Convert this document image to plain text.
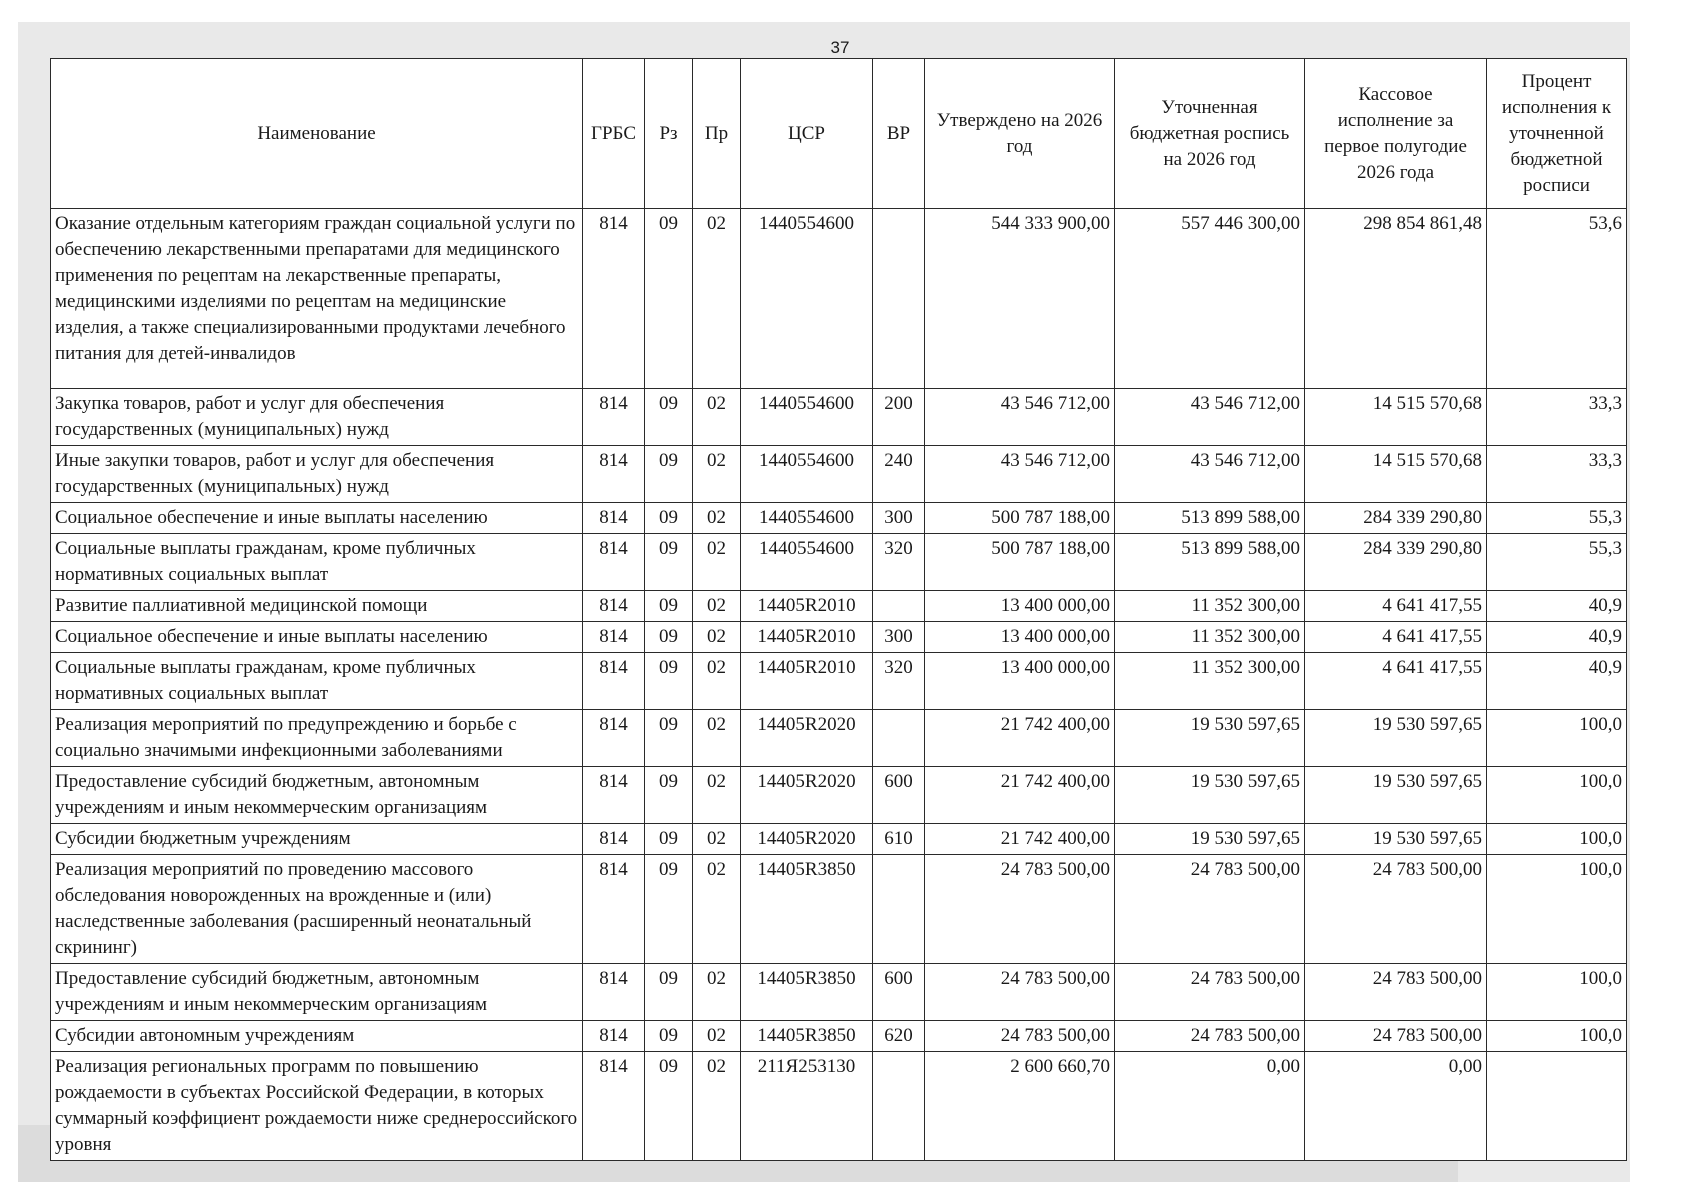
37
Наименование	ГРБС	Рз	Пр	ЦСР	ВР	Утверждено на 2026 год	Уточненная бюджетная роспись на 2026 год	Кассовое исполнение за первое полугодие 2026 года	Процент исполнения к уточненной бюджетной росписи
Оказание отдельным категориям граждан социальной услуги по обеспечению лекарственными препаратами для медицинского применения по рецептам на лекарственные препараты, медицинскими изделиями по рецептам на медицинские изделия, а также специализированными продуктами лечебного питания для детей-инвалидов	814	09	02	1440554600		544 333 900,00	557 446 300,00	298 854 861,48	53,6
Закупка товаров, работ и услуг для обеспечения государственных (муниципальных) нужд	814	09	02	1440554600	200	43 546 712,00	43 546 712,00	14 515 570,68	33,3
Иные закупки товаров, работ и услуг для обеспечения государственных (муниципальных) нужд	814	09	02	1440554600	240	43 546 712,00	43 546 712,00	14 515 570,68	33,3
Социальное обеспечение и иные выплаты населению	814	09	02	1440554600	300	500 787 188,00	513 899 588,00	284 339 290,80	55,3
Социальные выплаты гражданам, кроме публичных нормативных социальных выплат	814	09	02	1440554600	320	500 787 188,00	513 899 588,00	284 339 290,80	55,3
Развитие паллиативной медицинской помощи	814	09	02	14405R2010		13 400 000,00	11 352 300,00	4 641 417,55	40,9
Социальное обеспечение и иные выплаты населению	814	09	02	14405R2010	300	13 400 000,00	11 352 300,00	4 641 417,55	40,9
Социальные выплаты гражданам, кроме публичных нормативных социальных выплат	814	09	02	14405R2010	320	13 400 000,00	11 352 300,00	4 641 417,55	40,9
Реализация мероприятий по предупреждению и борьбе с социально значимыми инфекционными заболеваниями	814	09	02	14405R2020		21 742 400,00	19 530 597,65	19 530 597,65	100,0
Предоставление субсидий бюджетным, автономным учреждениям и иным некоммерческим организациям	814	09	02	14405R2020	600	21 742 400,00	19 530 597,65	19 530 597,65	100,0
Субсидии бюджетным учреждениям	814	09	02	14405R2020	610	21 742 400,00	19 530 597,65	19 530 597,65	100,0
Реализация мероприятий по проведению массового обследования новорожденных на врожденные и (или) наследственные заболевания (расширенный неонатальный скрининг)	814	09	02	14405R3850		24 783 500,00	24 783 500,00	24 783 500,00	100,0
Предоставление субсидий бюджетным, автономным учреждениям и иным некоммерческим организациям	814	09	02	14405R3850	600	24 783 500,00	24 783 500,00	24 783 500,00	100,0
Субсидии автономным учреждениям	814	09	02	14405R3850	620	24 783 500,00	24 783 500,00	24 783 500,00	100,0
Реализация региональных программ по повышению рождаемости в субъектах Российской Федерации, в которых суммарный коэффициент рождаемости ниже среднероссийского уровня	814	09	02	211Я253130		2 600 660,70	0,00	0,00	
